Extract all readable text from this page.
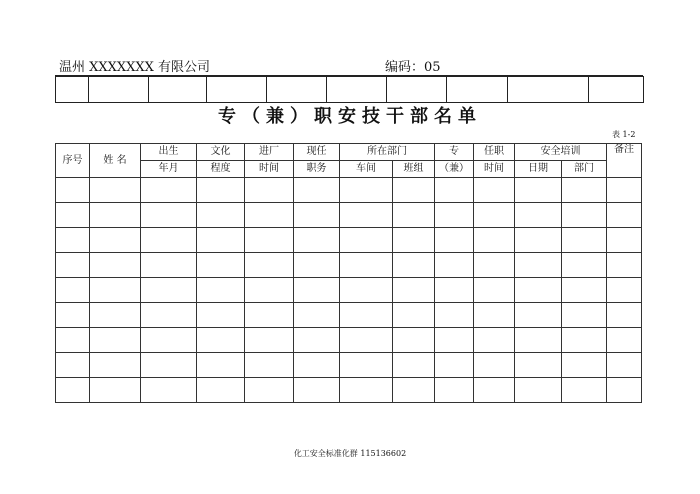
温州 XXXXXXX 有限公司	编码：05

专（兼）职安技干部名单
表 1-2
序号	姓 名	出生	文化	进厂	现任	所在部门		专	任职	安全培训		备注
		年月	程度	时间	职务	车间	班组	（兼）	时间	日期	部门	

化工安全标准化群 115136602
